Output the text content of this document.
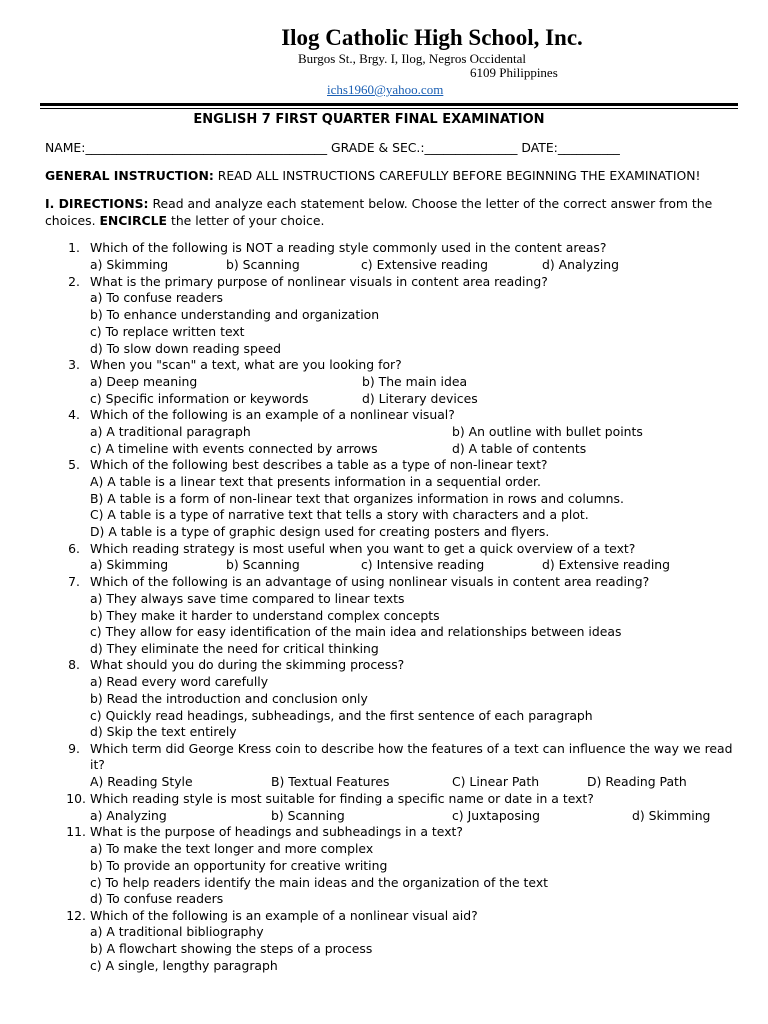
Ilog Catholic High School, Inc.
Burgos St., Brgy. I, Ilog, Negros Occidental
6109 Philippines
ichs1960@yahoo.com
ENGLISH 7 FIRST QUARTER FINAL EXAMINATION
NAME:_______________________________________ GRADE & SEC.:_______________ DATE:__________
GENERAL INSTRUCTION: READ ALL INSTRUCTIONS CAREFULLY BEFORE BEGINNING THE EXAMINATION!
I. DIRECTIONS: Read and analyze each statement below. Choose the letter of the correct answer from the
choices. ENCIRCLE the letter of your choice.
1. Which of the following is NOT a reading style commonly used in the content areas?
a) Skimming	b) Scanning	c) Extensive reading	d) Analyzing
2. What is the primary purpose of nonlinear visuals in content area reading?
a) To confuse readers
b) To enhance understanding and organization
c) To replace written text
d) To slow down reading speed
3. When you "scan" a text, what are you looking for?
a) Deep meaning	b) The main idea
c) Specific information or keywords	d) Literary devices
4. Which of the following is an example of a nonlinear visual?
a) A traditional paragraph	b) An outline with bullet points
c) A timeline with events connected by arrows	d) A table of contents
5. Which of the following best describes a table as a type of non-linear text?
A) A table is a linear text that presents information in a sequential order.
B) A table is a form of non-linear text that organizes information in rows and columns.
C) A table is a type of narrative text that tells a story with characters and a plot.
D) A table is a type of graphic design used for creating posters and flyers.
6. Which reading strategy is most useful when you want to get a quick overview of a text?
a) Skimming	b) Scanning	c) Intensive reading	d) Extensive reading
7. Which of the following is an advantage of using nonlinear visuals in content area reading?
a) They always save time compared to linear texts
b) They make it harder to understand complex concepts
c) They allow for easy identification of the main idea and relationships between ideas
d) They eliminate the need for critical thinking
8. What should you do during the skimming process?
a) Read every word carefully
b) Read the introduction and conclusion only
c) Quickly read headings, subheadings, and the first sentence of each paragraph
d) Skip the text entirely
9. Which term did George Kress coin to describe how the features of a text can influence the way we read
it?
A) Reading Style	B) Textual Features	C) Linear Path	D) Reading Path
10. Which reading style is most suitable for finding a specific name or date in a text?
a) Analyzing	b) Scanning	c) Juxtaposing	d) Skimming
11. What is the purpose of headings and subheadings in a text?
a) To make the text longer and more complex
b) To provide an opportunity for creative writing
c) To help readers identify the main ideas and the organization of the text
d) To confuse readers
12. Which of the following is an example of a nonlinear visual aid?
a) A traditional bibliography
b) A flowchart showing the steps of a process
c) A single, lengthy paragraph
